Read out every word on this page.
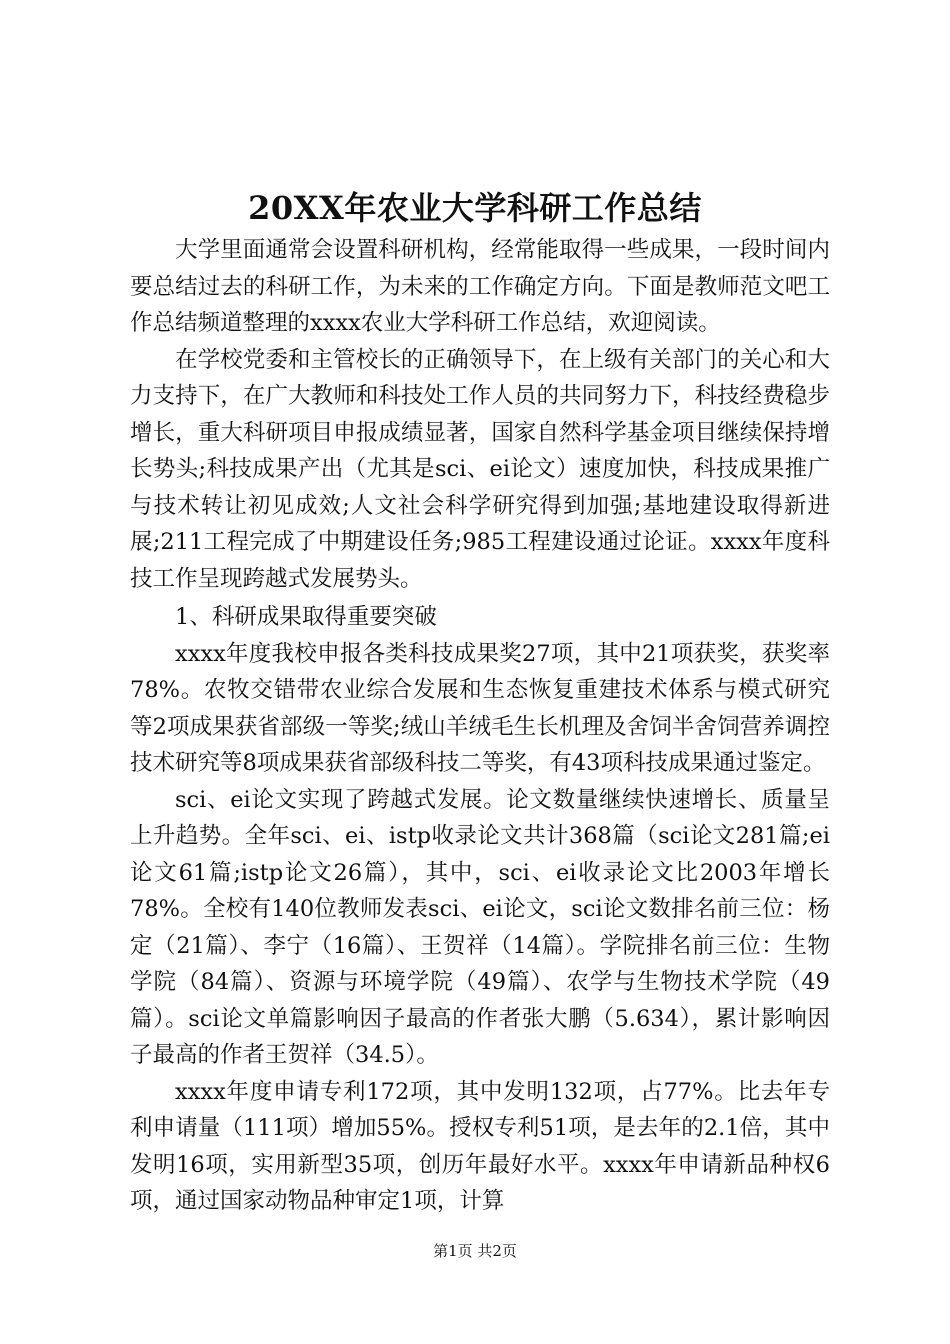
20XX年农业大学科研工作总结

大学里面通常会设置科研机构，经常能取得一些成果，一段时间内要总结过去的科研工作，为未来的工作确定方向。下面是教师范文吧工作总结频道整理的xxxx农业大学科研工作总结，欢迎阅读。

在学校党委和主管校长的正确领导下，在上级有关部门的关心和大力支持下，在广大教师和科技处工作人员的共同努力下，科技经费稳步增长，重大科研项目申报成绩显著，国家自然科学基金项目继续保持增长势头;科技成果产出（尤其是sci、ei论文）速度加快，科技成果推广与技术转让初见成效;人文社会科学研究得到加强;基地建设取得新进展;211工程完成了中期建设任务;985工程建设通过论证。xxxx年度科技工作呈现跨越式发展势头。

1、科研成果取得重要突破

xxxx年度我校申报各类科技成果奖27项，其中21项获奖，获奖率78%。农牧交错带农业综合发展和生态恢复重建技术体系与模式研究等2项成果获省部级一等奖;绒山羊绒毛生长机理及舍饲半舍饲营养调控技术研究等8项成果获省部级科技二等奖，有43项科技成果通过鉴定。

sci、ei论文实现了跨越式发展。论文数量继续快速增长、质量呈上升趋势。全年sci、ei、istp收录论文共计368篇（sci论文281篇;ei论文61篇;istp论文26篇），其中，sci、ei收录论文比2003年增长78%。全校有140位教师发表sci、ei论文，sci论文数排名前三位：杨定（21篇）、李宁（16篇）、王贺祥（14篇）。学院排名前三位：生物学院（84篇）、资源与环境学院（49篇）、农学与生物技术学院（49篇）。sci论文单篇影响因子最高的作者张大鹏（5.634），累计影响因子最高的作者王贺祥（34.5）。

xxxx年度申请专利172项，其中发明132项，占77%。比去年专利申请量（111项）增加55%。授权专利51项，是去年的2.1倍，其中发明16项，实用新型35项，创历年最好水平。xxxx年申请新品种权6项，通过国家动物品种审定1项，计算

第1页 共2页
